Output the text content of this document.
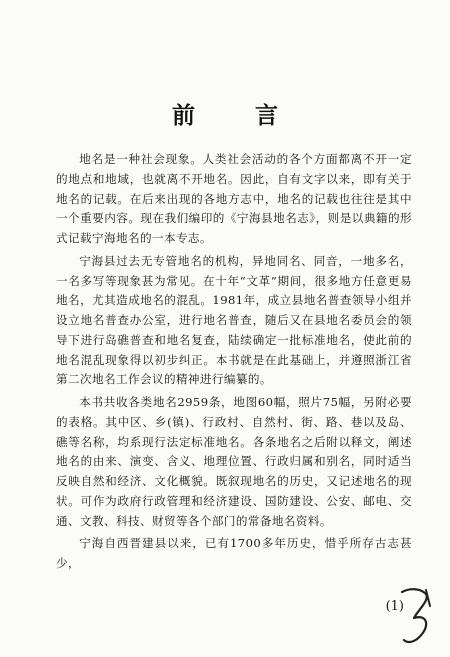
前 言

地名是一种社会现象。人类社会活动的各个方面都离不开一定的地点和地域，也就离不开地名。因此，自有文字以来，即有关于地名的记载。在后来出现的各地方志中，地名的记载也往往是其中一个重要内容。现在我们编印的《宁海县地名志》，则是以典籍的形式记载宁海地名的一本专志。

宁海县过去无专管地名的机构，异地同名、同音，一地多名，一名多写等现象甚为常见。在十年“文革”期间，很多地方任意更易地名，尤其造成地名的混乱。1981年，成立县地名普查领导小组并设立地名普查办公室，进行地名普查，随后又在县地名委员会的领导下进行岛礁普查和地名复查，陆续确定一批标准地名，使此前的地名混乱现象得以初步纠正。本书就是在此基础上，并遵照浙江省第二次地名工作会议的精神进行编纂的。

本书共收各类地名2959条，地图60幅，照片75幅，另附必要的表格。其中区、乡(镇)、行政村、自然村、街、路、巷以及岛、礁等名称，均系现行法定标准地名。各条地名之后附以释文，阐述地名的由来、演变、含义、地理位置、行政归属和别名，同时适当反映自然和经济、文化概貌。既叙现地名的历史，又记述地名的现状。可作为政府行政管理和经济建设、国防建设、公安、邮电、交通、文教、科技、财贸等各个部门的常备地名资料。

宁海自西晋建县以来，已有1700多年历史，惜乎所存古志甚少，

(1)
